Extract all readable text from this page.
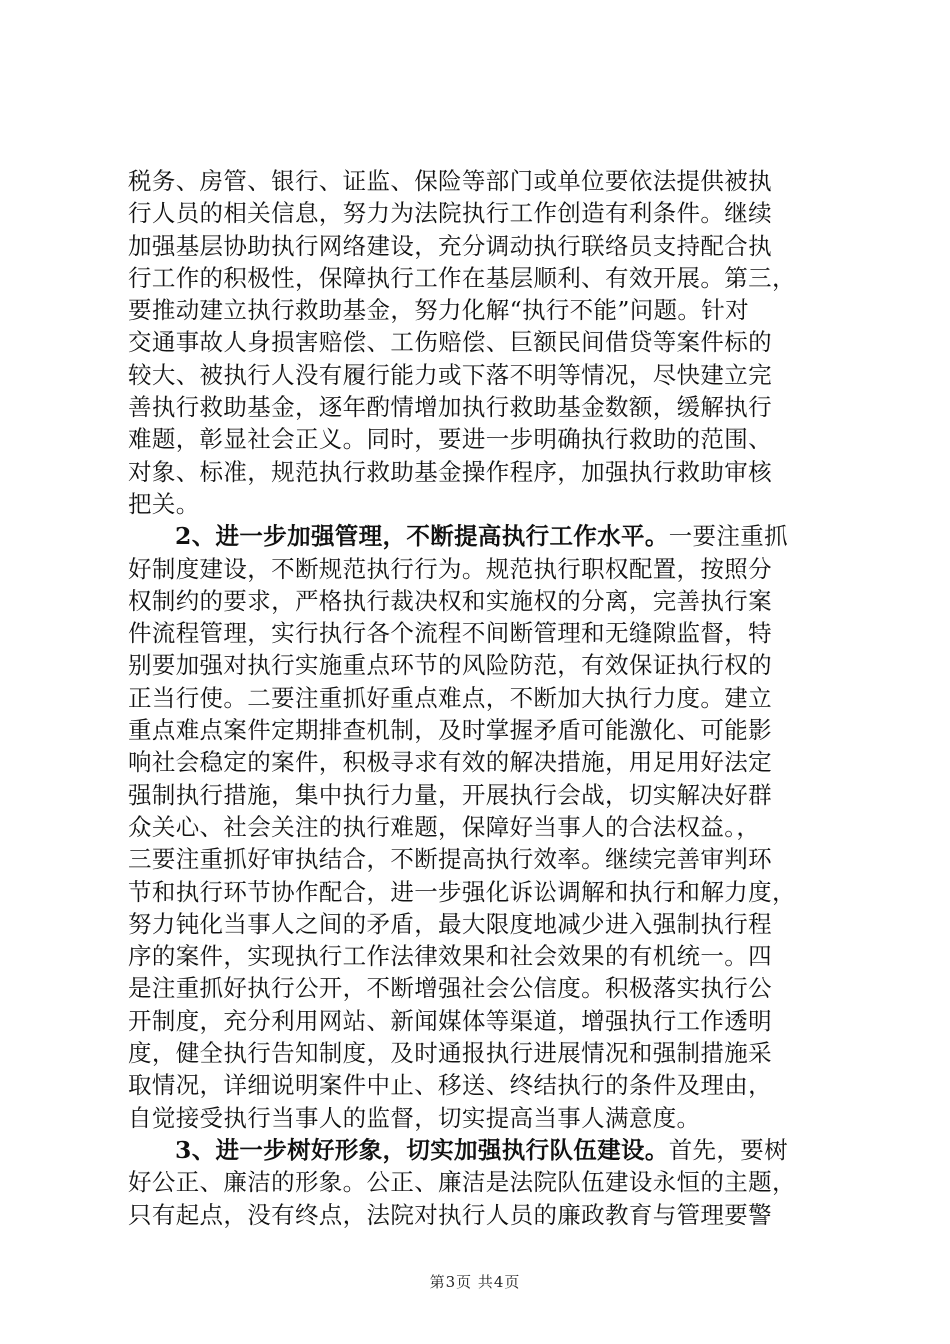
税务、房管、银行、证监、保险等部门或单位要依法提供被执
行人员的相关信息，努力为法院执行工作创造有利条件。继续
加强基层协助执行网络建设，充分调动执行联络员支持配合执
行工作的积极性，保障执行工作在基层顺利、有效开展。第三，
要推动建立执行救助基金，努力化解“执行不能”问题。针对
交通事故人身损害赔偿、工伤赔偿、巨额民间借贷等案件标的
较大、被执行人没有履行能力或下落不明等情况，尽快建立完
善执行救助基金，逐年酌情增加执行救助基金数额，缓解执行
难题，彰显社会正义。同时，要进一步明确执行救助的范围、
对象、标准，规范执行救助基金操作程序，加强执行救助审核
把关。
2、进一步加强管理，不断提高执行工作水平。一要注重抓
好制度建设，不断规范执行行为。规范执行职权配置，按照分
权制约的要求，严格执行裁决权和实施权的分离，完善执行案
件流程管理，实行执行各个流程不间断管理和无缝隙监督，特
别要加强对执行实施重点环节的风险防范，有效保证执行权的
正当行使。二要注重抓好重点难点，不断加大执行力度。建立
重点难点案件定期排查机制，及时掌握矛盾可能激化、可能影
响社会稳定的案件，积极寻求有效的解决措施，用足用好法定
强制执行措施，集中执行力量，开展执行会战，切实解决好群
众关心、社会关注的执行难题，保障好当事人的合法权益。，
三要注重抓好审执结合，不断提高执行效率。继续完善审判环
节和执行环节协作配合，进一步强化诉讼调解和执行和解力度，
努力钝化当事人之间的矛盾，最大限度地减少进入强制执行程
序的案件，实现执行工作法律效果和社会效果的有机统一。四
是注重抓好执行公开，不断增强社会公信度。积极落实执行公
开制度，充分利用网站、新闻媒体等渠道，增强执行工作透明
度，健全执行告知制度，及时通报执行进展情况和强制措施采
取情况，详细说明案件中止、移送、终结执行的条件及理由，
自觉接受执行当事人的监督，切实提高当事人满意度。
3、进一步树好形象，切实加强执行队伍建设。首先，要树
好公正、廉洁的形象。公正、廉洁是法院队伍建设永恒的主题，
只有起点，没有终点，法院对执行人员的廉政教育与管理要警
第3页 共4页
